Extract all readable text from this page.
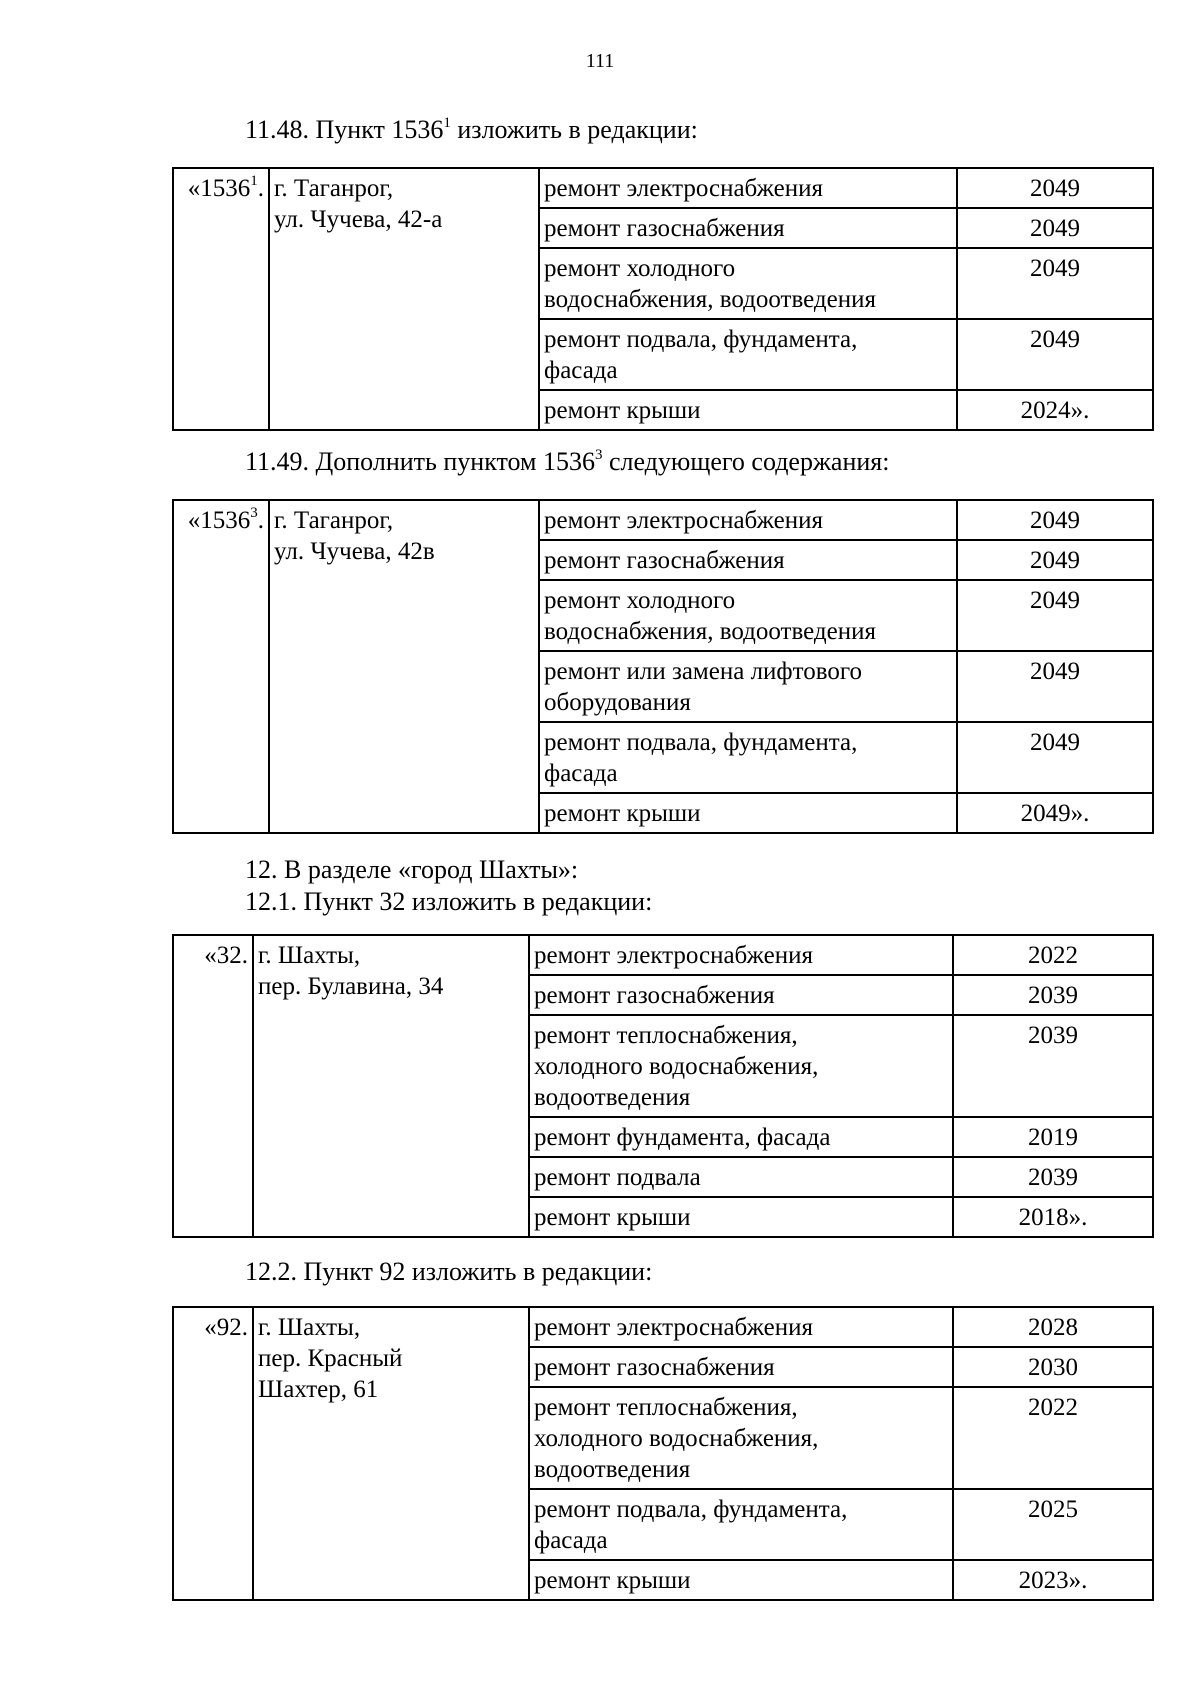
111
11.48. Пункт 1536$^1$ изложить в редакции:
«1536$^1$.	г. Таганрог,
ул. Чучева, 42-а	ремонт электроснабжения	2049
		ремонт газоснабжения	2049
		ремонт холодного
водоснабжения, водоотведения	2049
		ремонт подвала, фундамента,
фасада	2049
		ремонт крыши	2024».
11.49. Дополнить пунктом 1536$^3$ следующего содержания:
«1536$^3$.	г. Таганрог,
ул. Чучева, 42в	ремонт электроснабжения	2049
		ремонт газоснабжения	2049
		ремонт холодного
водоснабжения, водоотведения	2049
		ремонт или замена лифтового
оборудования	2049
		ремонт подвала, фундамента,
фасада	2049
		ремонт крыши	2049».
12. В разделе «город Шахты»:
12.1. Пункт 32 изложить в редакции:
«32.	г. Шахты,
пер. Булавина, 34	ремонт электроснабжения	2022
		ремонт газоснабжения	2039
		ремонт теплоснабжения,
холодного водоснабжения,
водоотведения	2039
		ремонт фундамента, фасада	2019
		ремонт подвала	2039
		ремонт крыши	2018».
12.2. Пункт 92 изложить в редакции:
«92.	г. Шахты,
пер. Красный
Шахтер, 61	ремонт электроснабжения	2028
		ремонт газоснабжения	2030
		ремонт теплоснабжения,
холодного водоснабжения,
водоотведения	2022
		ремонт подвала, фундамента,
фасада	2025
		ремонт крыши	2023».
